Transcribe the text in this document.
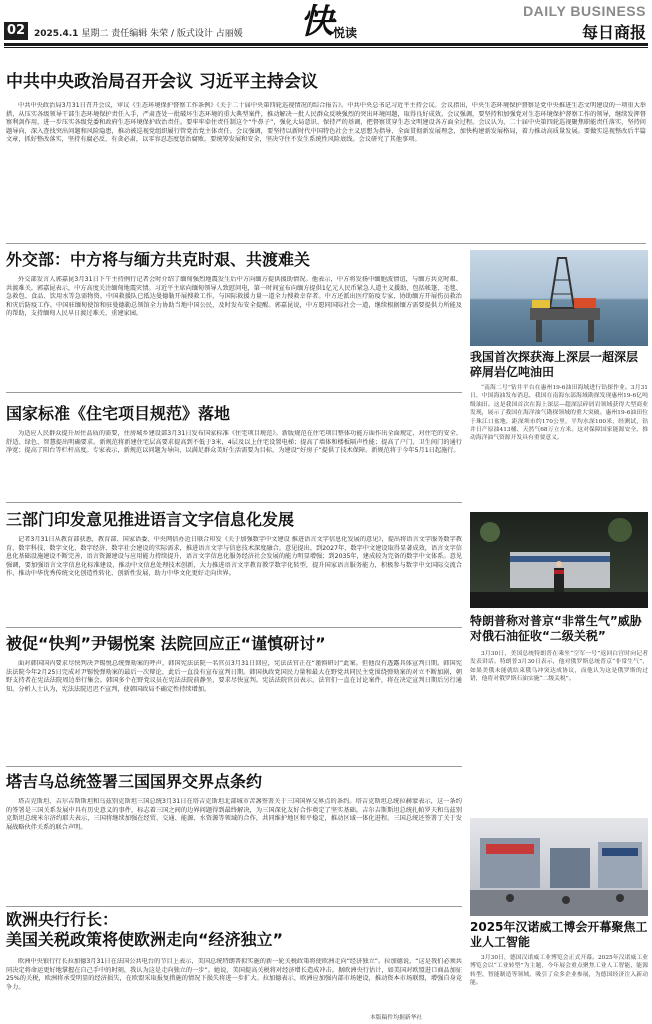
02 2025.4.1 星期二 责任编辑 朱荣 / 版式设计 占丽媛 快 悦读
DAILY BUSINESS
每日商报
中共中央政治局召开会议 习近平主持会议
中共中央政治局3月31日召开会议，审议《生态环境保护督察工作条例》《关于二十届中央第四轮巡视情况的综合报告》。中共中央总书记习近平主持会议。会议指出，中央生态环境保护督察是党中央推进生态文明建设的一项重大举措，从压实各级领导干部生态环境保护责任入手，严肃查处一批破坏生态环境的重大典型案件，推动解决一批人民群众反映强烈的突出环境问题，取得良好成效。会议强调，要坚持和加强党对生态环境保护督察工作的领导，继续发挥督察利剑作用，进一步压实各级党委和政府生态环境保护政治责任。要牢牢牵住责任制这个“牛鼻子”，强化大局意识、保持严的基调，把督察贯穿生态文明建设各方面全过程。会议认为，二十届中央第四轮巡视聚焦职能责任落实，坚持问题导向，深入查找突出问题和风险隐患，推动被巡视党组织履行管党治党主体责任。会议强调，要坚持以新时代中国特色社会主义思想为指导，全面贯彻新发展理念，加快构建新发展格局，着力推动高质量发展。要做实巡视整改后半篇文章，抓好整改落实，坚持有腐必反、有贪必肃，以零容忍态度惩治腐败。要统筹发展和安全，坚决守住不发生系统性风险底线。会议研究了其他事项。
外交部：中方将与缅方共克时艰、共渡难关
外交部发言人郭嘉昆3月31日下午主持例行记者会时介绍了缅甸强烈地震发生后中方向缅方提供援助情况。他表示，中方将发扬中缅胞波情谊，与缅方共克时艰、共渡难关。郭嘉昆表示，中方高度关注缅甸地震灾情。习近平主席向缅甸领导人致慰问电，第一时间宣布向缅方提供1亿元人民币紧急人道主义援助，包括帐篷、毛毯、急救包、食品、饮用水等急需物资。中国救援队已抵达曼德勒开展搜救工作，与国际救援力量一道全力搜救幸存者。中方还派出医疗防疫专家，协助缅方开展伤员救治和灾后防疫工作。中国驻缅甸使馆和驻曼德勒总领馆全力协助当地中国公民，及时发布安全提醒。郭嘉昆说，中方愿同国际社会一道，继续根据缅方需要提供力所能及的帮助，支持缅甸人民早日渡过难关、重建家园。
国家标准《住宅项目规范》落地
为适应人民群众提升居住品质的需要，住房城乡建设部3月31日发布国家标准《住宅项目规范》。新版规范在住宅项目整体功能方面作出全面规定，对住宅的安全、舒适、绿色、智慧提出明确要求。新规范将新建住宅层高要求提高到不低于3米，4层及以上住宅设置电梯；提高了墙体和楼板隔声性能；提高了户门、卫生间门的通行净宽；提高了阳台等栏杆高度。专家表示，新规范以问题为导向，以满足群众美好生活需要为目标，为建设“好房子”提供了技术保障。新规范将于今年5月1日起施行。
三部门印发意见推进语言文字信息化发展
记者3月31日从教育部获悉，教育部、国家语委、中央网信办近日联合印发《关于加强数字中文建设 推进语言文字信息化发展的意见》，提出将语言文字服务数字教育、数字科技、数字文化、数字经济、数字社会建设的实际需求，推进语言文字与信息技术深度融合。意见提出，到2027年，数字中文建设取得显著成效，语言文字信息化基础设施建设不断完善，语言资源建设与应用能力持续提升，语言文字信息化服务经济社会发展的能力明显增强；到2035年，建成较为完备的数字中文体系。意见强调，要加强语言文字信息化标准建设，推动中文信息处理技术创新，大力推进语言文字教育教学数字化转型，提升国家语言服务能力，积极参与数字中文国际交流合作，推动中华优秀传统文化创造性转化、创新性发展，助力中华文化更好走向世界。
被促“快判”尹锡悦案 法院回应正“谨慎研讨”
面对韩国国内要求尽快判决尹锡悦总统弹劾案的呼声，韩国宪法法院一名官员3月31日回应，宪法法官正在“谨慎研讨”此案。但他没有透露具体宣判日期。韩国宪法法院今年2月25日完成对尹锡悦弹劾案的最后一次辩论，此后一直没有宣布宣判日期。韩国执政党国民力量和最大在野党共同民主党围绕弹劾案的对立不断加剧，朝野支持者在宪法法院周边举行集会。韩国多个在野党议员在宪法法院前静坐，要求尽快宣判。宪法法院官员表示，法官们一直在讨论案件，将在决定宣判日期后另行通知。分析人士认为，宪法法院迟迟不宣判，使韩国政局不确定性持续增加。
塔吉乌总统签署三国国界交界点条约
塔吉克斯坦、吉尔吉斯斯坦和乌兹别克斯坦三国总统3月31日在塔吉克斯坦北部城市苦盏签署关于三国国界交界点的条约。塔吉克斯坦总统拉赫蒙表示，这一条约的签署是三国关系发展中具有历史意义的事件，标志着三国之间的边界问题得到最终解决，为三国深化友好合作奠定了坚实基础。吉尔吉斯斯坦总统扎帕罗夫和乌兹别克斯坦总统米尔济约耶夫表示，三国将继续加强在经贸、交通、能源、水资源等领域的合作，共同维护地区和平稳定，推动区域一体化进程。三国总统还签署了关于发展战略伙伴关系的联合声明。
欧洲央行行长：
美国关税政策将使欧洲走向“经济独立”
欧洲中央银行行长拉加德3月31日在法国公共电台的节目上表示，美国总统特朗普拟实施的新一轮关税政策将使欧洲走向“经济独立”。拉加德说，“这是我们必须共同决定将命运更好地掌握在自己手中的时刻，我认为这是走向独立的一步”。她说，美国提高关税将对经济增长造成冲击。据欧洲央行估计，如美国对欧盟进口商品加征25%的关税，欧洲将承受明显的经济损失，在欧盟采取报复措施的情况下损失将进一步扩大。拉加德表示，欧洲应加强内部市场建设，推动资本市场联盟，增强自身竞争力。
本版稿件均据新华社
我国首次探获海上深层一超深层碎屑岩亿吨油田
“南海二号”钻井平台在惠州19-6油田海域进行钻探作业。3月31日，中国海油发布消息，我国在南海东部海域勘探发现惠州19-6亿吨级油田。这是我国首次在海上深层—超深层碎屑岩领域获得大型商业发现，展示了我国在海洋油气勘探领域的重大突破。惠州19-6油田位于珠江口盆地，距深圳市约170公里，平均水深100米，经测试，钻井日产原油413桶、天然气68万立方米。这对保障国家能源安全、推动海洋油气资源开发具有重要意义。
特朗普称对普京“非常生气”威胁对俄石油征收“二级关税”
3月30日，美国总统特朗普在乘坐“空军一号”返回白宫时向记者发表讲话。特朗普3月30日表示，他对俄罗斯总统普京“非常生气”，如果美俄未能就结束俄乌冲突达成协议，而他认为这是俄罗斯的过错，他将对俄罗斯石油实施“二级关税”。
2025年汉诺威工博会开幕聚焦工业人工智能
3月30日，德国汉诺威工业博览会正式开幕。2025年汉诺威工业博览会以“工业转型”为主题，今年展会重点聚焦工业人工智能、能源转型、智能制造等领域，吸引了众多企业参展，为德国经济注入新动能。
